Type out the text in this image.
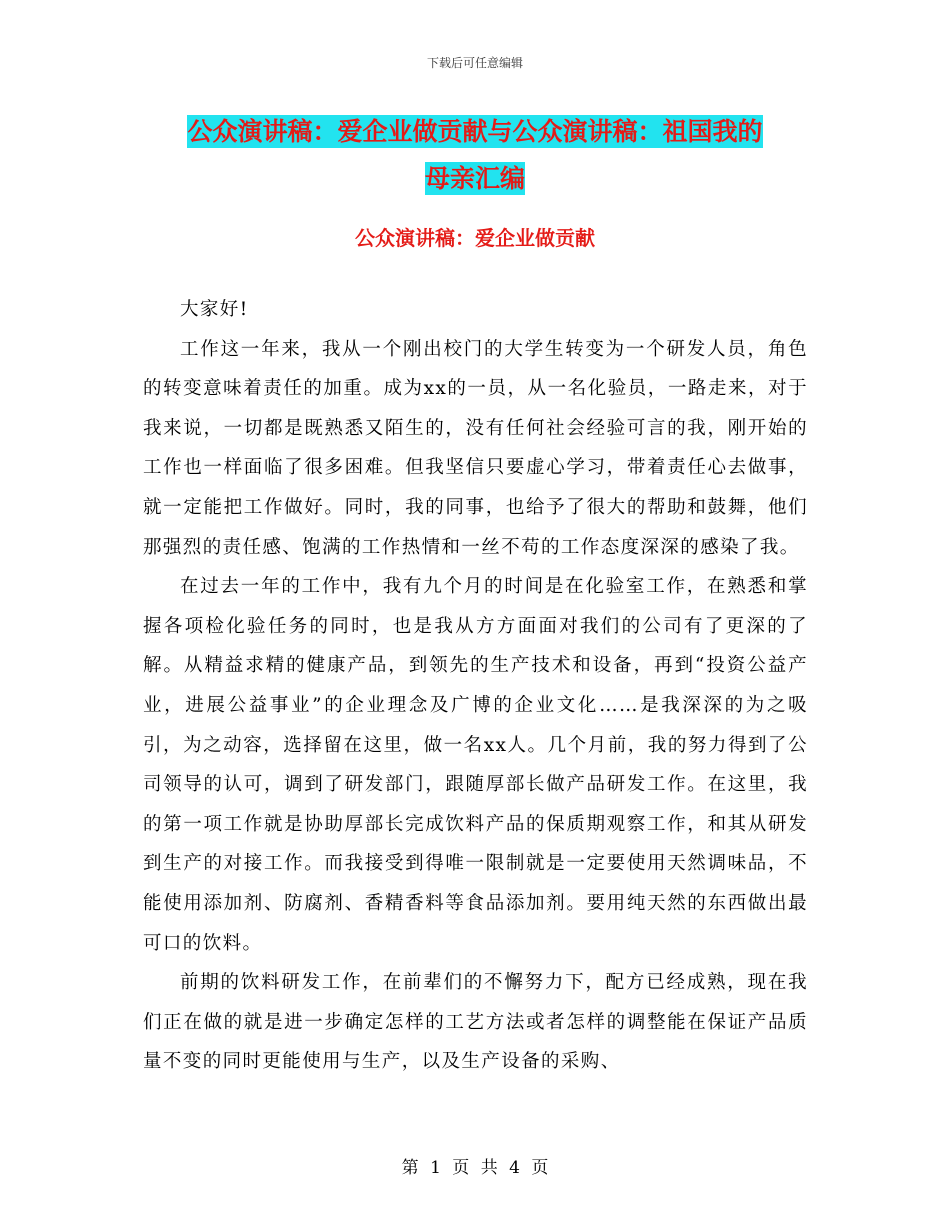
下载后可任意编辑
公众演讲稿：爱企业做贡献与公众演讲稿：祖国我的
母亲汇编
公众演讲稿：爱企业做贡献

大家好!

工作这一年来，我从一个刚出校门的大学生转变为一个研发人员，角色的转变意味着责任的加重。成为xx的一员，从一名化验员，一路走来，对于我来说，一切都是既熟悉又陌生的，没有任何社会经验可言的我，刚开始的工作也一样面临了很多困难。但我坚信只要虚心学习，带着责任心去做事，就一定能把工作做好。同时，我的同事，也给予了很大的帮助和鼓舞，他们那强烈的责任感、饱满的工作热情和一丝不苟的工作态度深深的感染了我。

在过去一年的工作中，我有九个月的时间是在化验室工作，在熟悉和掌握各项检化验任务的同时，也是我从方方面面对我们的公司有了更深的了解。从精益求精的健康产品，到领先的生产技术和设备，再到“投资公益产业，进展公益事业”的企业理念及广博的企业文化……是我深深的为之吸引，为之动容，选择留在这里，做一名xx人。几个月前，我的努力得到了公司领导的认可，调到了研发部门，跟随厚部长做产品研发工作。在这里，我的第一项工作就是协助厚部长完成饮料产品的保质期观察工作，和其从研发到生产的对接工作。而我接受到得唯一限制就是一定要使用天然调味品，不能使用添加剂、防腐剂、香精香料等食品添加剂。要用纯天然的东西做出最可口的饮料。

前期的饮料研发工作，在前辈们的不懈努力下，配方已经成熟，现在我们正在做的就是进一步确定怎样的工艺方法或者怎样的调整能在保证产品质量不变的同时更能使用与生产，以及生产设备的采购、

第 1 页 共 4 页
